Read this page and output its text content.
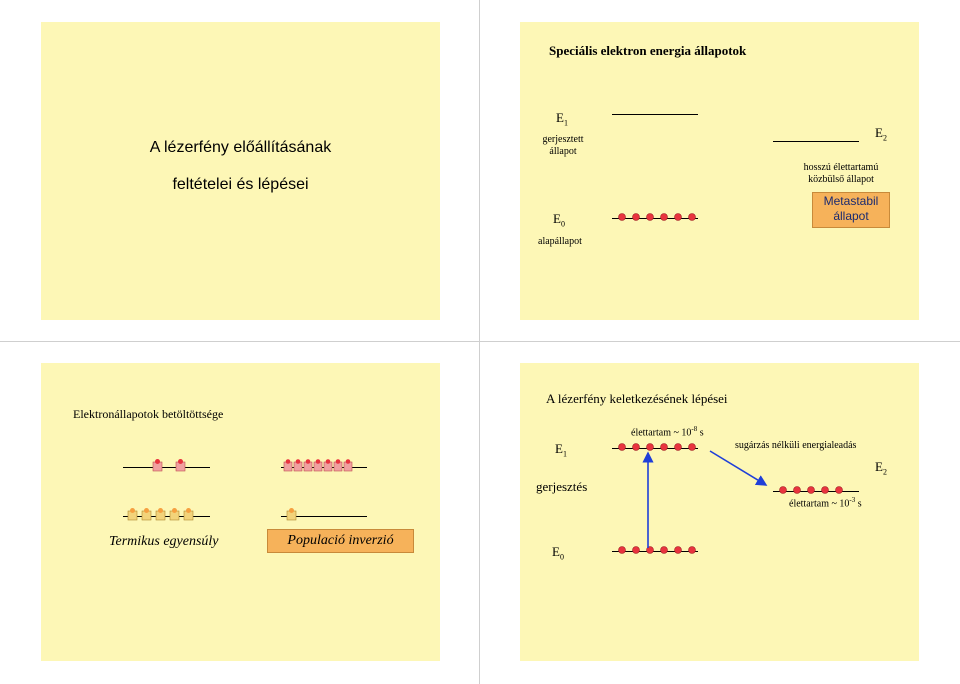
A lézerfény előállításának
feltételei és lépései
Speciális elektron energia állapotok
$E_1$
gerjesztett
állapot
$E_0$
alapállapot
$E_2$
hosszú élettartamú
közbülső állapot
Metastabil
állapot
Elektronállapotok betöltöttsége
Termikus egyensúly	Populació inverzió
A lézerfény keletkezésének lépései
élettartam ~ $10^{-8}$ s
$E_1$
sugárzás nélküli energialeadás
$E_2$
gerjesztés
élettartam ~ $10^{-3}$ s
$E_0$
